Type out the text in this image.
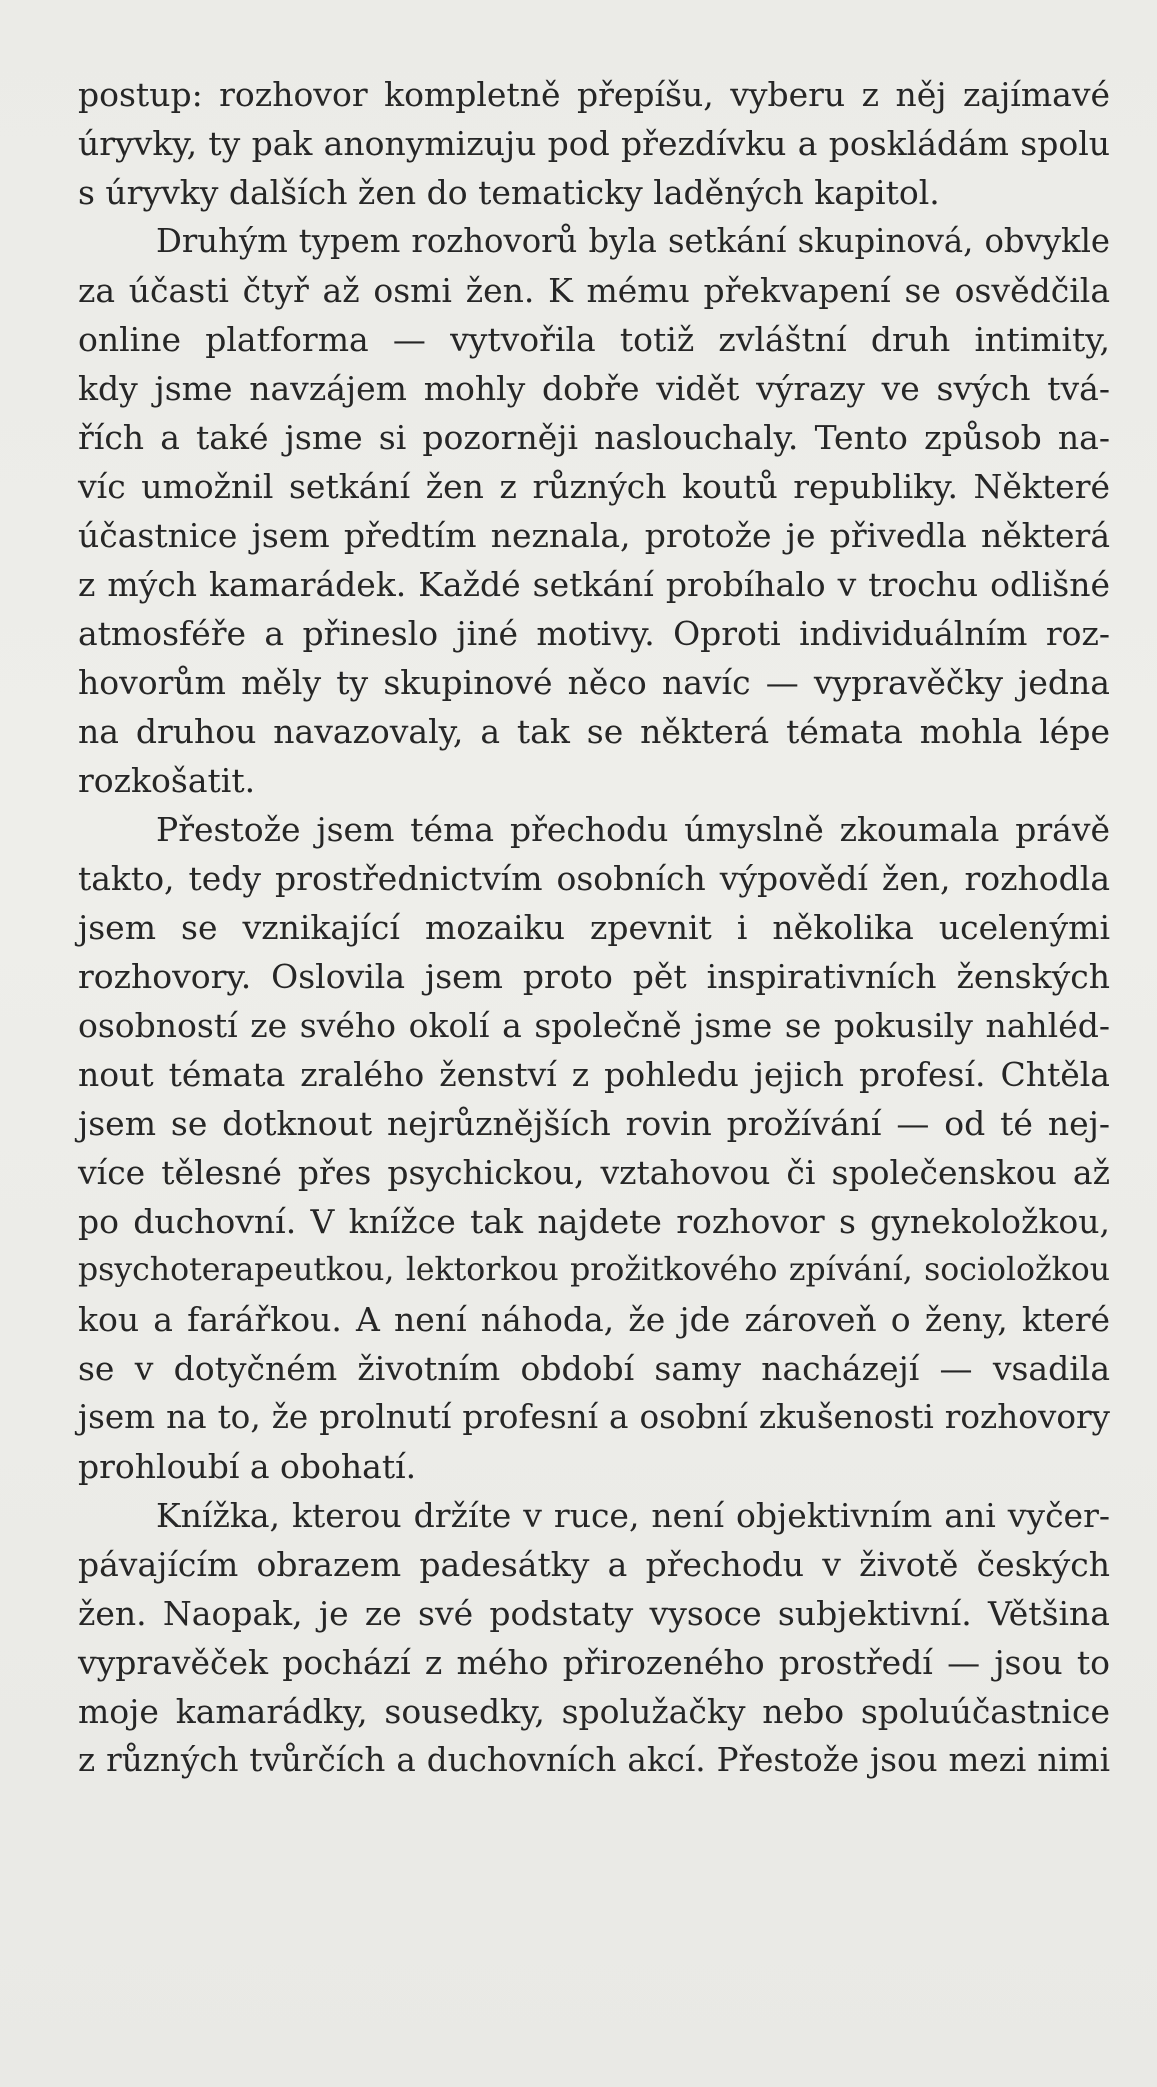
postup: rozhovor kompletně přepíšu, vyberu z něj zajímavé
úryvky, ty pak anonymizuju pod přezdívku a poskládám spolu
s úryvky dalších žen do tematicky laděných kapitol.

Druhým typem rozhovorů byla setkání skupinová, obvykle
za účasti čtyř až osmi žen. K mému překvapení se osvědčila
online platforma — vytvořila totiž zvláštní druh intimity,
kdy jsme navzájem mohly dobře vidět výrazy ve svých tvá-
řích a také jsme si pozorněji naslouchaly. Tento způsob na-
víc umožnil setkání žen z různých koutů republiky. Některé
účastnice jsem předtím neznala, protože je přivedla některá
z mých kamarádek. Každé setkání probíhalo v trochu odlišné
atmosféře a přineslo jiné motivy. Oproti individuálním roz-
hovorům měly ty skupinové něco navíc — vypravěčky jedna
na druhou navazovaly, a tak se některá témata mohla lépe
rozkošatit.

Přestože jsem téma přechodu úmyslně zkoumala právě
takto, tedy prostřednictvím osobních výpovědí žen, rozhodla
jsem se vznikající mozaiku zpevnit i několika ucelenými
rozhovory. Oslovila jsem proto pět inspirativních ženských
osobností ze svého okolí a společně jsme se pokusily nahléd-
nout témata zralého ženství z pohledu jejich profesí. Chtěla
jsem se dotknout nejrůznějších rovin prožívání — od té nej-
více tělesné přes psychickou, vztahovou či společenskou až
po duchovní. V knížce tak najdete rozhovor s gynekoložkou,
psychoterapeutkou, lektorkou prožitkového zpívání, socioložkou
kou a farářkou. A není náhoda, že jde zároveň o ženy, které
se v dotyčném životním období samy nacházejí — vsadila
jsem na to, že prolnutí profesní a osobní zkušenosti rozhovory
prohloubí a obohatí.

Knížka, kterou držíte v ruce, není objektivním ani vyčer-
pávajícím obrazem padesátky a přechodu v životě českých
žen. Naopak, je ze své podstaty vysoce subjektivní. Většina
vypravěček pochází z mého přirozeného prostředí — jsou to
moje kamarádky, sousedky, spolužačky nebo spoluúčastnice
z různých tvůrčích a duchovních akcí. Přestože jsou mezi nimi
